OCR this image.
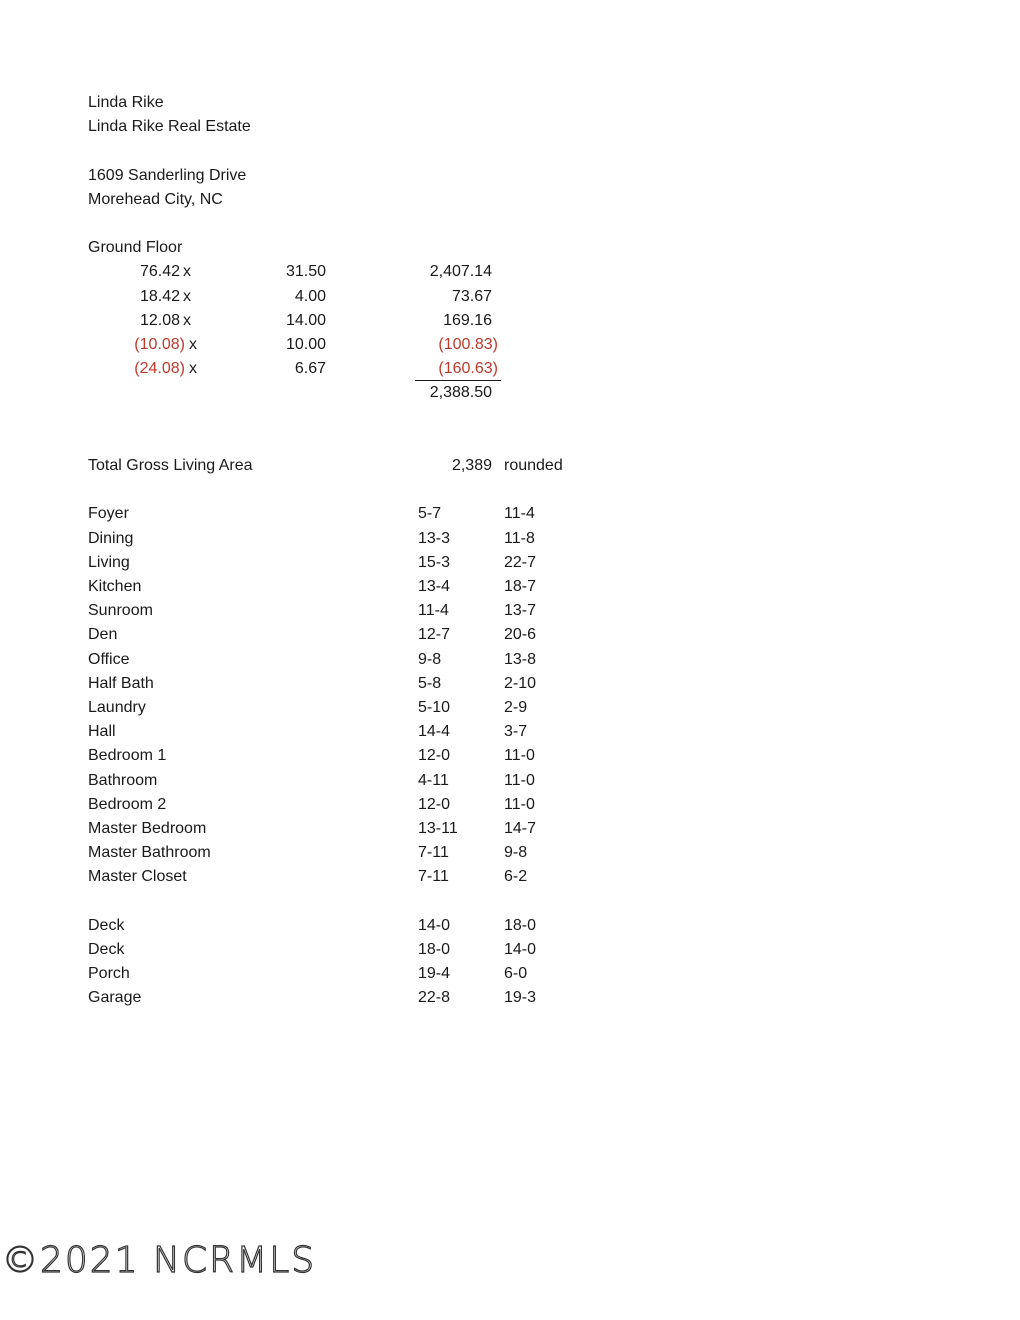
Linda Rike
Linda Rike Real Estate
1609 Sanderling Drive
Morehead City, NC
Ground Floor
76.42 x	31.50	2,407.14
18.42 x	4.00	73.67
12.08 x	14.00	169.16
(10.08) x	10.00	(100.83)
(24.08) x	6.67	(160.63)
2,388.50
Total Gross Living Area	2,389 rounded
Foyer	5-7	11-4
Dining	13-3	11-8
Living	15-3	22-7
Kitchen	13-4	18-7
Sunroom	11-4	13-7
Den	12-7	20-6
Office	9-8	13-8
Half Bath	5-8	2-10
Laundry	5-10	2-9
Hall	14-4	3-7
Bedroom 1	12-0	11-0
Bathroom	4-11	11-0
Bedroom 2	12-0	11-0
Master Bedroom	13-11	14-7
Master Bathroom	7-11	9-8
Master Closet	7-11	6-2
Deck	14-0	18-0
Deck	18-0	14-0
Porch	19-4	6-0
Garage	22-8	19-3
©2021 NCRMLS
